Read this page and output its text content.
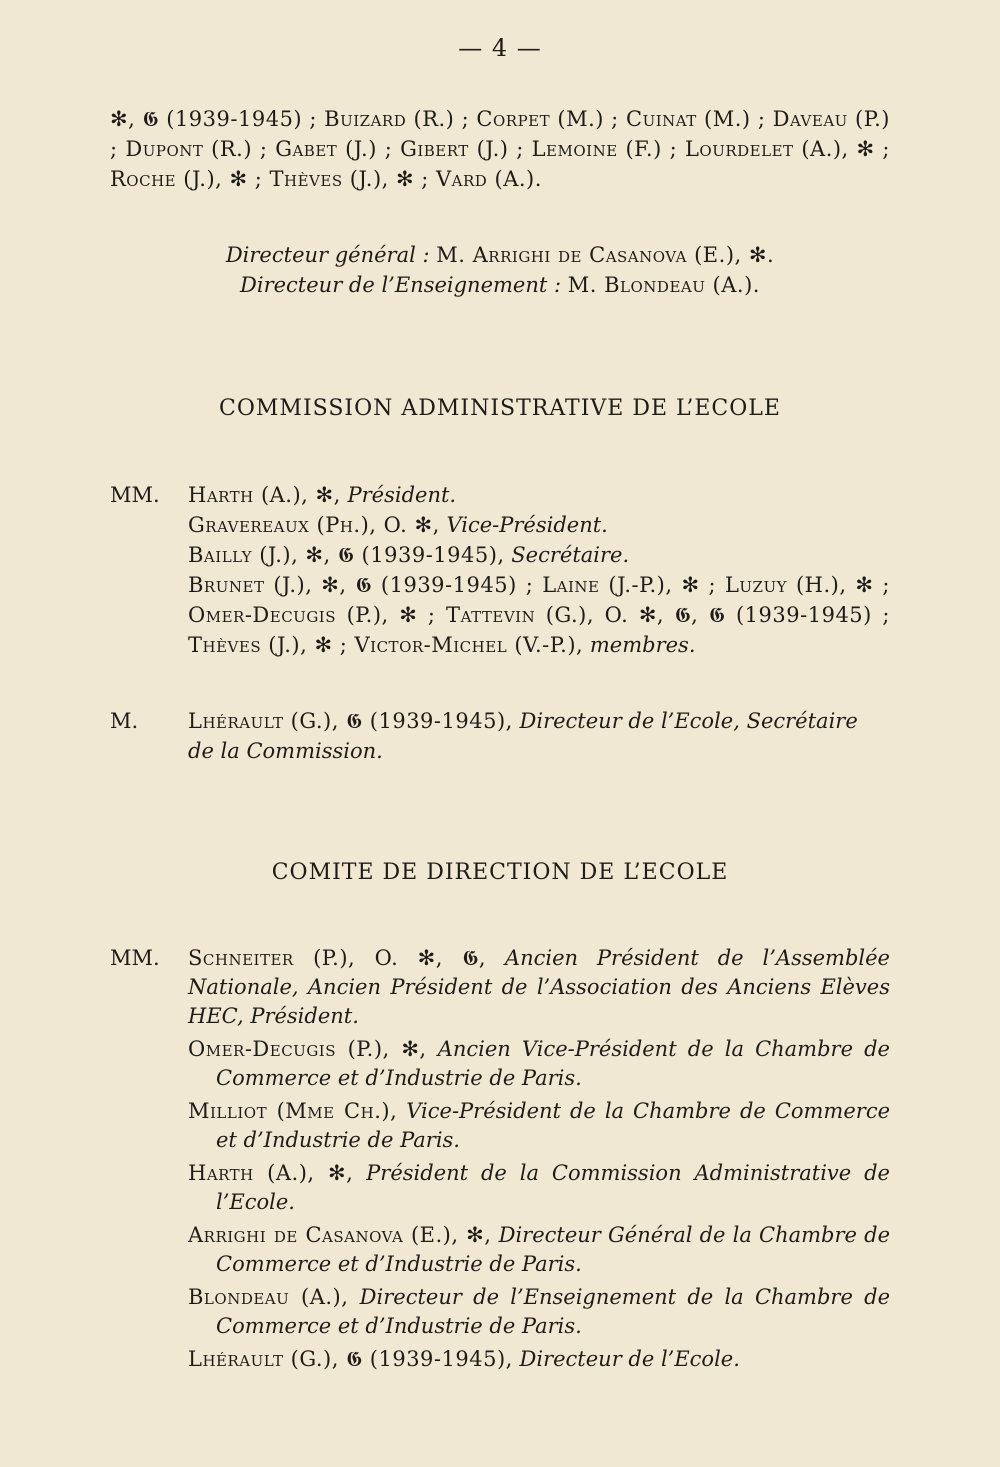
— 4 —
✻, 𝕲 (1939-1945) ; Buizard (R.) ; Corpet (M.) ; Cuinat (M.) ; Daveau (P.) ; Dupont (R.) ; Gabet (J.) ; Gibert (J.) ; Lemoine (F.) ; Lourdelet (A.), ✻ ; Roche (J.), ✻ ; Thèves (J.), ✻ ; Vard (A.).
Directeur général : M. Arrighi de Casanova (E.), ✻.
Directeur de l’Enseignement : M. Blondeau (A.).
COMMISSION ADMINISTRATIVE DE L’ECOLE
MM. Harth (A.), ✻, Président.
Gravereaux (Ph.), O. ✻, Vice-Président.
Bailly (J.), ✻, 𝕲 (1939-1945), Secrétaire.
Brunet (J.), ✻, 𝕲 (1939-1945) ; Laine (J.-P.), ✻ ; Luzuy (H.), ✻ ; Omer-Decugis (P.), ✻ ; Tattevin (G.), O. ✻, 𝕲, 𝕲 (1939-1945) ; Thèves (J.), ✻ ; Victor-Michel (V.-P.), membres.
M. Lhérault (G.), 𝕲 (1939-1945), Directeur de l’Ecole, Secrétaire de la Commission.
COMITE DE DIRECTION DE L’ECOLE
MM. Schneiter (P.), O. ✻, 𝕲, Ancien Président de l’Assemblée Nationale, Ancien Président de l’Association des Anciens Elèves HEC, Président.
Omer-Decugis (P.), ✻, Ancien Vice-Président de la Chambre de Commerce et d’Industrie de Paris.
Milliot (Mme Ch.), Vice-Président de la Chambre de Commerce et d’Industrie de Paris.
Harth (A.), ✻, Président de la Commission Administrative de l’Ecole.
Arrighi de Casanova (E.), ✻, Directeur Général de la Chambre de Commerce et d’Industrie de Paris.
Blondeau (A.), Directeur de l’Enseignement de la Chambre de Commerce et d’Industrie de Paris.
Lhérault (G.), 𝕲 (1939-1945), Directeur de l’Ecole.
